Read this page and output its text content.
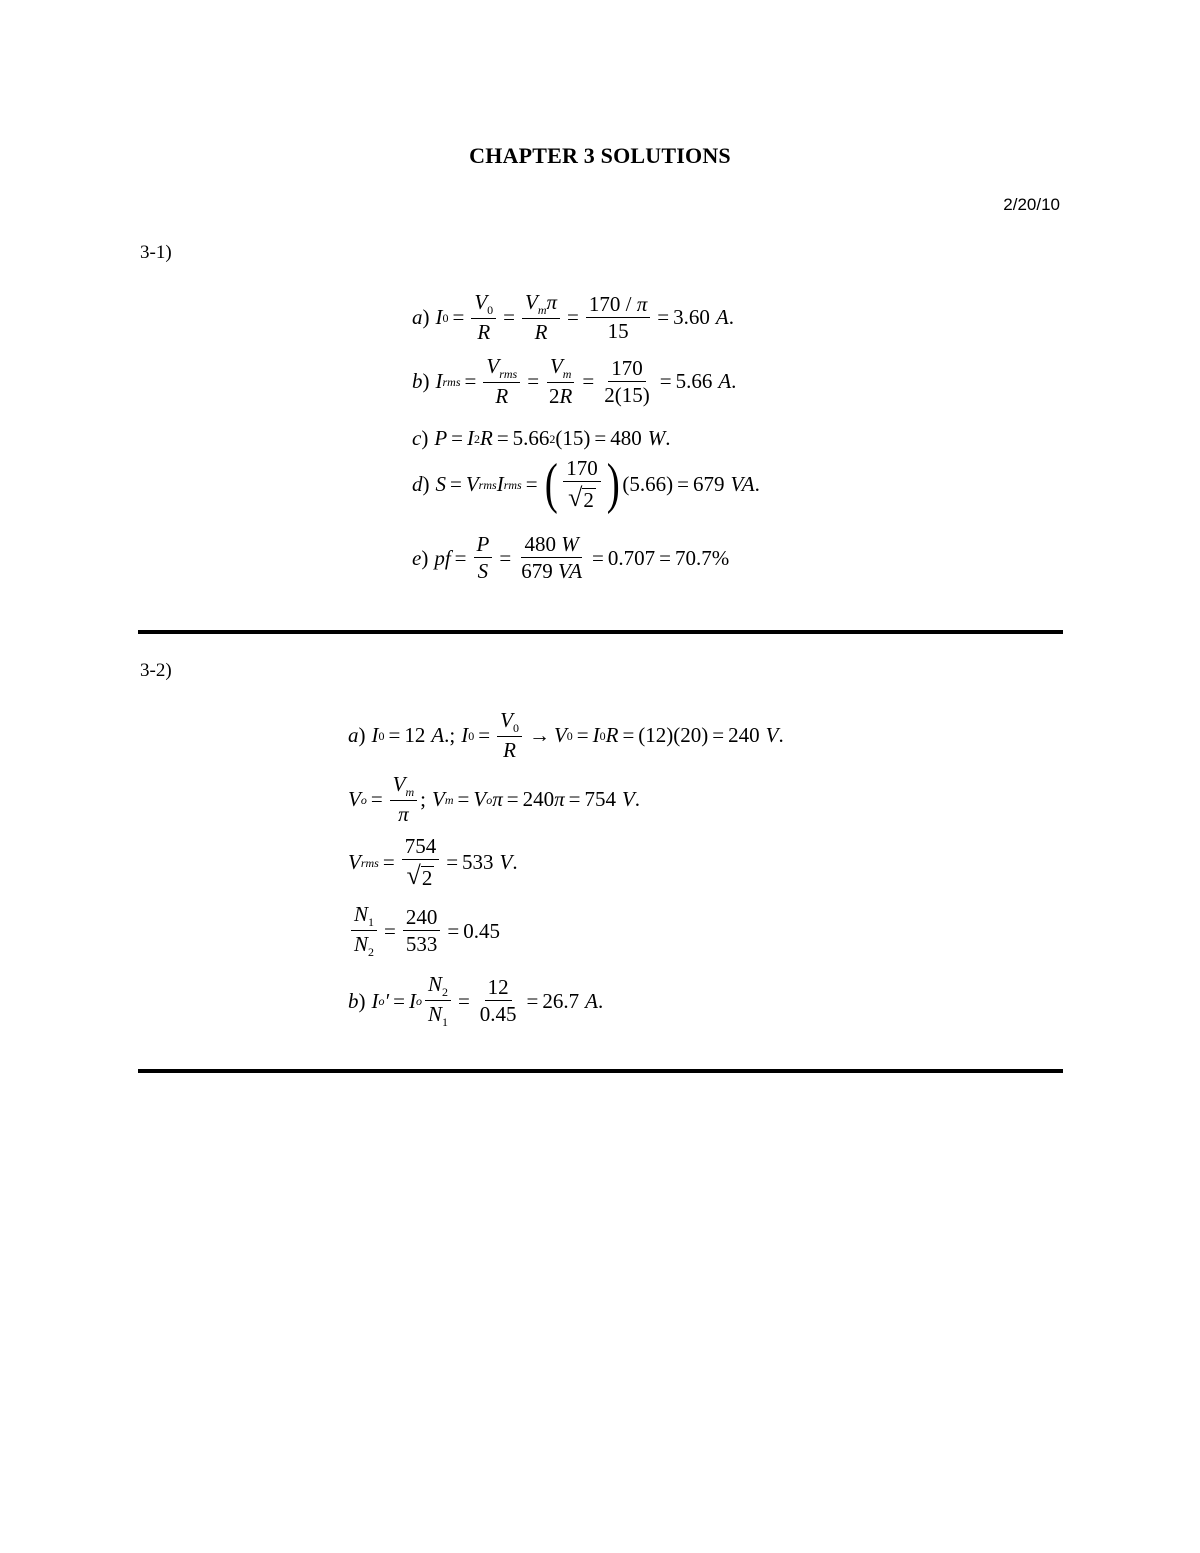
CHAPTER 3 SOLUTIONS
2/20/10
3-1)
a ) I $0 = \frac{V_0}{R} = \frac{V_m\pi}{R} = \frac{170 / \pi}{15} = 3.60$ A .
b ) I rms = $\frac{V_{rms}}{R} = \frac{V_m}{2R} = \frac{170}{2(15)} = 5.66$ A .
c ) P = I 2 R = 5.66 2 (15) = 480 W .
d ) S = V rms I rms = ( $\frac{170}{√ 2}$ ) (5.66) = 679 VA .
e ) pf = $\frac{P}{S} = \frac{480 W}{679 VA} = 0.707 = 70.7\%$
3-2)
a ) I 0 = 12 A .; I $0 = \frac{V_0}{R} \to V$ 0 = I 0 R = (12)(20) = 240 V .
V $o = \frac{V_m}{\pi}$ ; V m = V o π = 240 π = 754 V .
V rms = $\frac{754}{√ 2} = 533$ V .
$\frac{N_1}{N_2} = \frac{240}{533} = 0.45$
b ) I o ′ = I o $\frac{N_2}{N_1} = \frac{12}{0.45} = 26.7$ A .
